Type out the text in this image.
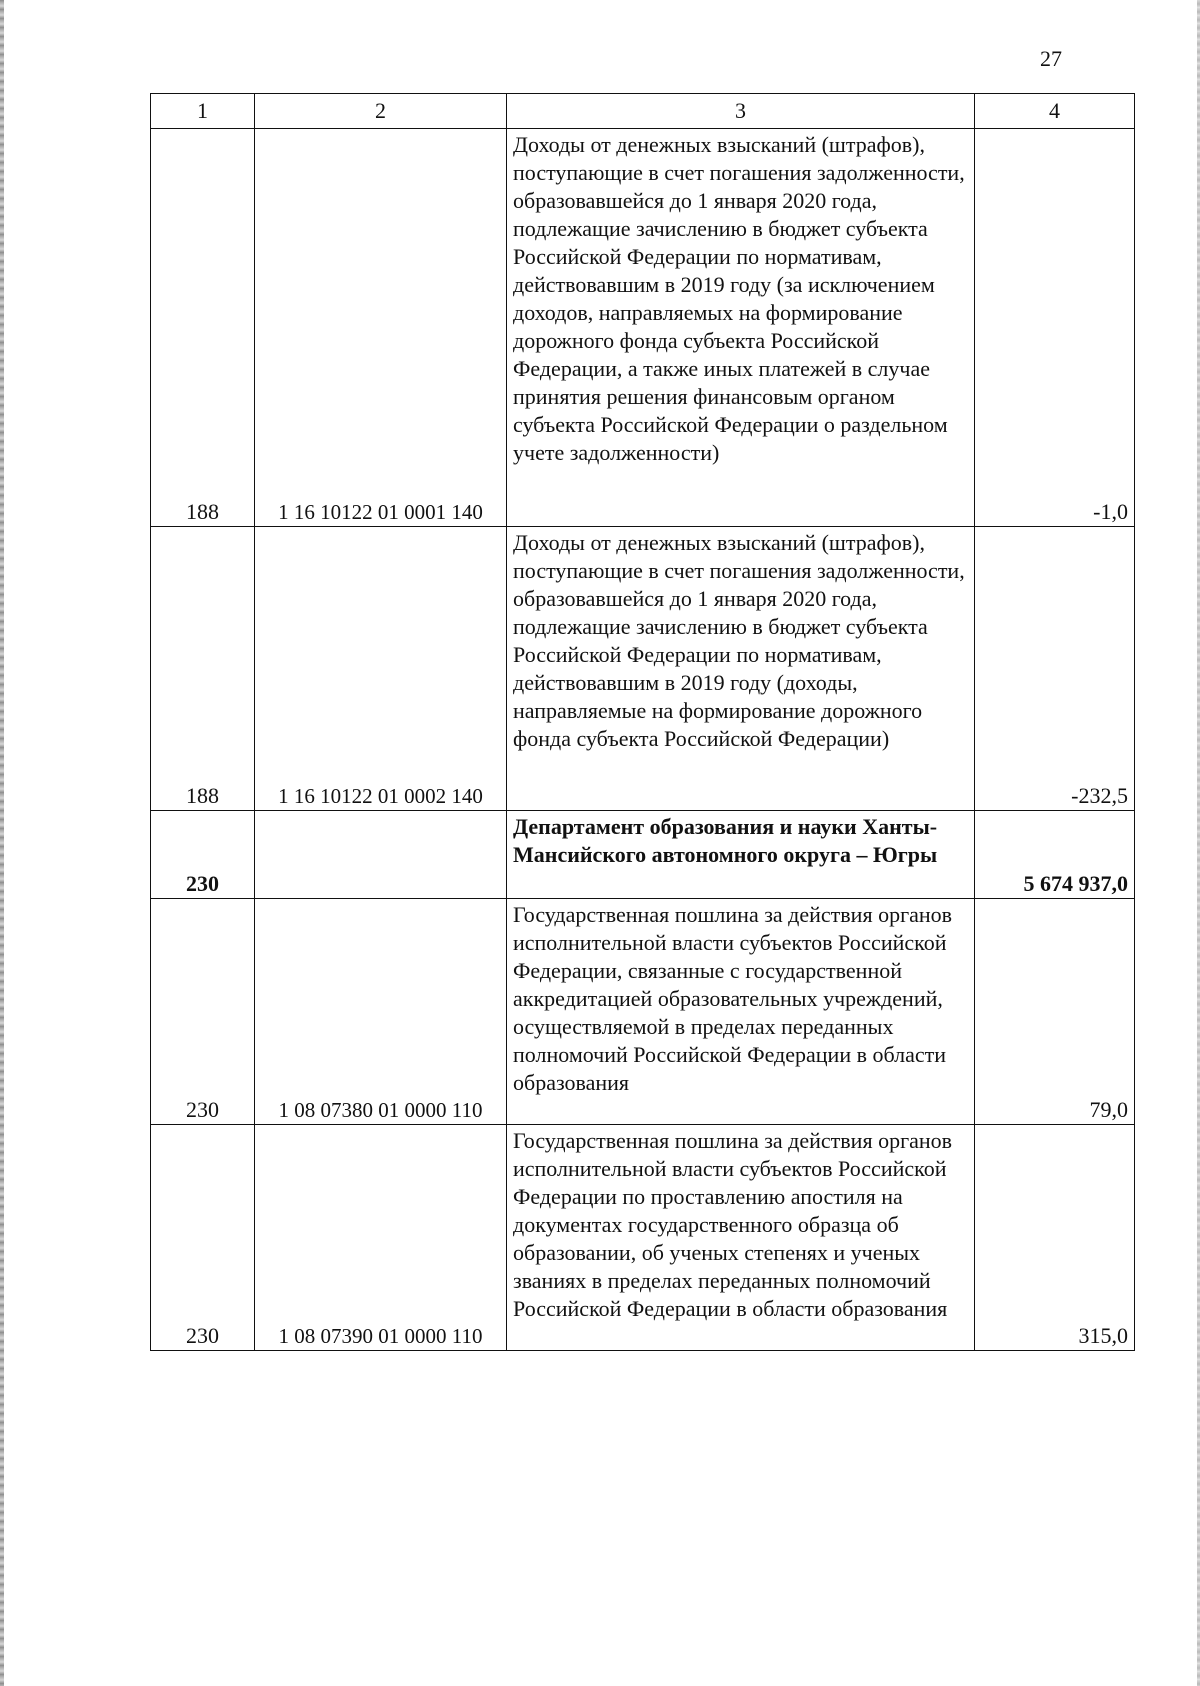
27
1	2	3	4
188	1 16 10122 01 0001 140	Доходы от денежных взысканий (штрафов), поступающие в счет погашения задолженности, образовавшейся до 1 января 2020 года, подлежащие зачислению в бюджет субъекта Российской Федерации по нормативам, действовавшим в 2019 году (за исключением доходов, направляемых на формирование дорожного фонда субъекта Российской Федерации, а также иных платежей в случае принятия решения финансовым органом субъекта Российской Федерации о раздельном учете задолженности)	-1,0
188	1 16 10122 01 0002 140	Доходы от денежных взысканий (штрафов), поступающие в счет погашения задолженности, образовавшейся до 1 января 2020 года, подлежащие зачислению в бюджет субъекта Российской Федерации по нормативам, действовавшим в 2019 году (доходы, направляемые на формирование дорожного фонда субъекта Российской Федерации)	-232,5
230		Департамент образования и науки Ханты-Мансийского автономного округа – Югры	5 674 937,0
230	1 08 07380 01 0000 110	Государственная пошлина за действия органов исполнительной власти субъектов Российской Федерации, связанные с государственной аккредитацией образовательных учреждений, осуществляемой в пределах переданных полномочий Российской Федерации в области образования	79,0
230	1 08 07390 01 0000 110	Государственная пошлина за действия органов исполнительной власти субъектов Российской Федерации по проставлению апостиля на документах государственного образца об образовании, об ученых степенях и ученых званиях в пределах переданных полномочий Российской Федерации в области образования	315,0
